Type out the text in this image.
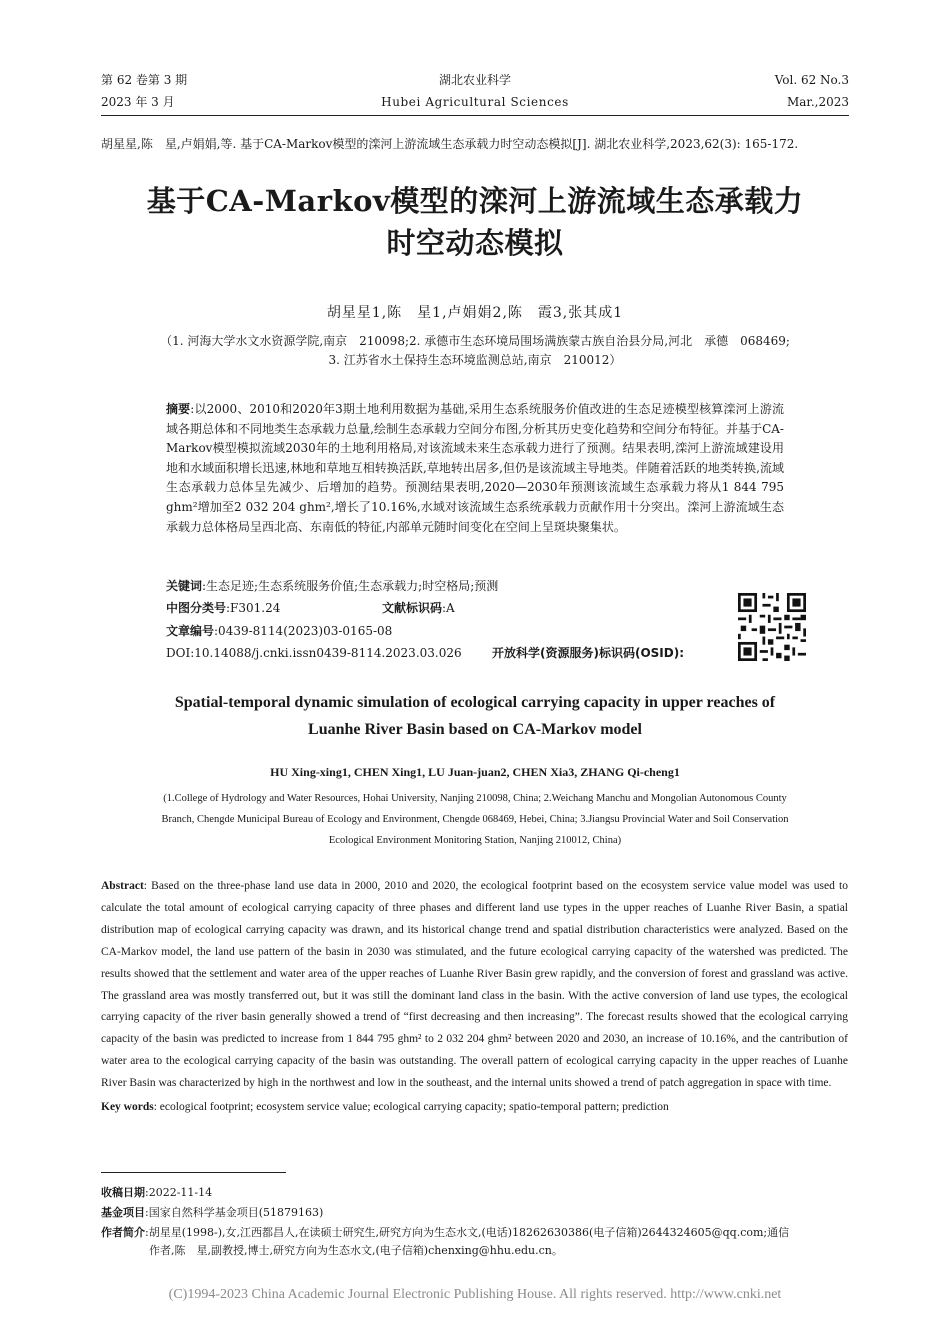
第 62 卷第 3 期
2023 年 3 月
湖北农业科学
Hubei Agricultural Sciences
Vol. 62 No.3
Mar.,2023
胡星星,陈　星,卢娟娟,等. 基于CA-Markov模型的滦河上游流域生态承载力时空动态模拟[J]. 湖北农业科学,2023,62(3): 165-172.
基于CA-Markov模型的滦河上游流域生态承载力
时空动态模拟
胡星星1,陈　星1,卢娟娟2,陈　霞3,张其成1
（1. 河海大学水文水资源学院,南京　210098;2. 承德市生态环境局围场满族蒙古族自治县分局,河北　承德　068469;
3. 江苏省水土保持生态环境监测总站,南京　210012）
摘要:以2000、2010和2020年3期土地利用数据为基础,采用生态系统服务价值改进的生态足迹模型核算滦河上游流域各期总体和不同地类生态承载力总量,绘制生态承载力空间分布图,分析其历史变化趋势和空间分布特征。并基于CA-Markov模型模拟流域2030年的土地利用格局,对该流域未来生态承载力进行了预测。结果表明,滦河上游流域建设用地和水域面积增长迅速,林地和草地互相转换活跃,草地转出居多,但仍是该流域主导地类。伴随着活跃的地类转换,流域生态承载力总体呈先减少、后增加的趋势。预测结果表明,2020—2030年预测该流域生态承载力将从1 844 795 ghm²增加至2 032 204 ghm²,增长了10.16%,水域对该流域生态系统承载力贡献作用十分突出。滦河上游流域生态承载力总体格局呈西北高、东南低的特征,内部单元随时间变化在空间上呈斑块聚集状。
关键词:生态足迹;生态系统服务价值;生态承载力;时空格局;预测
中图分类号:F301.24	文献标识码:A
文章编号:0439-8114(2023)03-0165-08
DOI:10.14088/j.cnki.issn0439-8114.2023.03.026	开放科学(资源服务)标识码(OSID):
Spatial-temporal dynamic simulation of ecological carrying capacity in upper reaches of
Luanhe River Basin based on CA-Markov model
HU Xing-xing1, CHEN Xing1, LU Juan-juan2, CHEN Xia3, ZHANG Qi-cheng1
(1.College of Hydrology and Water Resources, Hohai University, Nanjing 210098, China; 2.Weichang Manchu and Mongolian Autonomous County
Branch, Chengde Municipal Bureau of Ecology and Environment, Chengde 068469, Hebei, China; 3.Jiangsu Provincial Water and Soil Conservation
Ecological Environment Monitoring Station, Nanjing 210012, China)
Abstract: Based on the three-phase land use data in 2000, 2010 and 2020, the ecological footprint based on the ecosystem service value model was used to calculate the total amount of ecological carrying capacity of three phases and different land use types in the upper reaches of Luanhe River Basin, a spatial distribution map of ecological carrying capacity was drawn, and its historical change trend and spatial distribution characteristics were analyzed. Based on the CA-Markov model, the land use pattern of the basin in 2030 was stimulated, and the future ecological carrying capacity of the watershed was predicted. The results showed that the settlement and water area of the upper reaches of Luanhe River Basin grew rapidly, and the conversion of forest and grassland was active. The grassland area was mostly transferred out, but it was still the dominant land class in the basin. With the active conversion of land use types, the ecological carrying capacity of the river basin generally showed a trend of “first decreasing and then increasing”. The forecast results showed that the ecological carrying capacity of the basin was predicted to increase from 1 844 795 ghm² to 2 032 204 ghm² between 2020 and 2030, an increase of 10.16%, and the cantribution of water area to the ecological carrying capacity of the basin was outstanding. The overall pattern of ecological carrying capacity in the upper reaches of Luanhe River Basin was characterized by high in the northwest and low in the southeast, and the internal units showed a trend of patch aggregation in space with time.
Key words: ecological footprint; ecosystem service value; ecological carrying capacity; spatio-temporal pattern; prediction
收稿日期:2022-11-14
基金项目:国家自然科学基金项目(51879163)
作者简介:胡星星(1998-),女,江西都昌人,在读硕士研究生,研究方向为生态水文,(电话)18262630386(电子信箱)2644324605@qq.com;通信
作者,陈　星,副教授,博士,研究方向为生态水文,(电子信箱)chenxing@hhu.edu.cn。
(C)1994-2023 China Academic Journal Electronic Publishing House. All rights reserved. http://www.cnki.net
